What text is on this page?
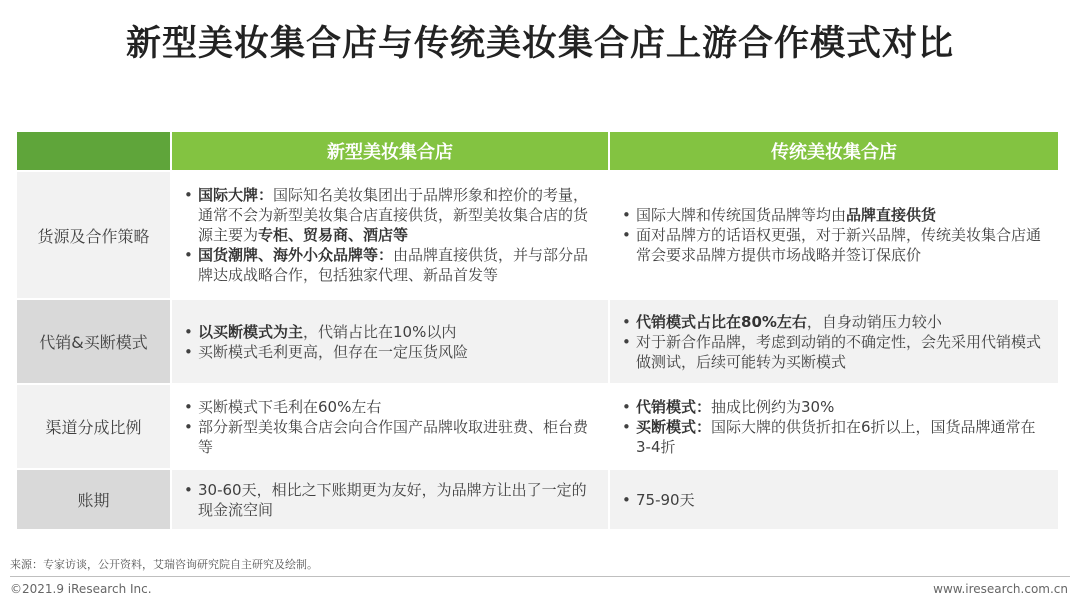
新型美妆集合店与传统美妆集合店上游合作模式对比
新型美妆集合店	传统美妆集合店
货源及合作策略
• 国际大牌：国际知名美妆集团出于品牌形象和控价的考量，通常不会为新型美妆集合店直接供货，新型美妆集合店的货源主要为专柜、贸易商、酒店等
• 国货潮牌、海外小众品牌等：由品牌直接供货，并与部分品牌达成战略合作，包括独家代理、新品首发等
• 国际大牌和传统国货品牌等均由品牌直接供货
• 面对品牌方的话语权更强，对于新兴品牌，传统美妆集合店通常会要求品牌方提供市场战略并签订保底价
代销&买断模式
• 以买断模式为主，代销占比在10%以内
• 买断模式毛利更高，但存在一定压货风险
• 代销模式占比在80%左右，自身动销压力较小
• 对于新合作品牌，考虑到动销的不确定性，会先采用代销模式做测试，后续可能转为买断模式
渠道分成比例
• 买断模式下毛利在60%左右
• 部分新型美妆集合店会向合作国产品牌收取进驻费、柜台费等
• 代销模式：抽成比例约为30%
• 买断模式：国际大牌的供货折扣在6折以上，国货品牌通常在3-4折
账期
• 30-60天，相比之下账期更为友好，为品牌方让出了一定的现金流空间
• 75-90天
来源：专家访谈，公开资料，艾瑞咨询研究院自主研究及绘制。
©2021.9 iResearch Inc.	www.iresearch.com.cn
